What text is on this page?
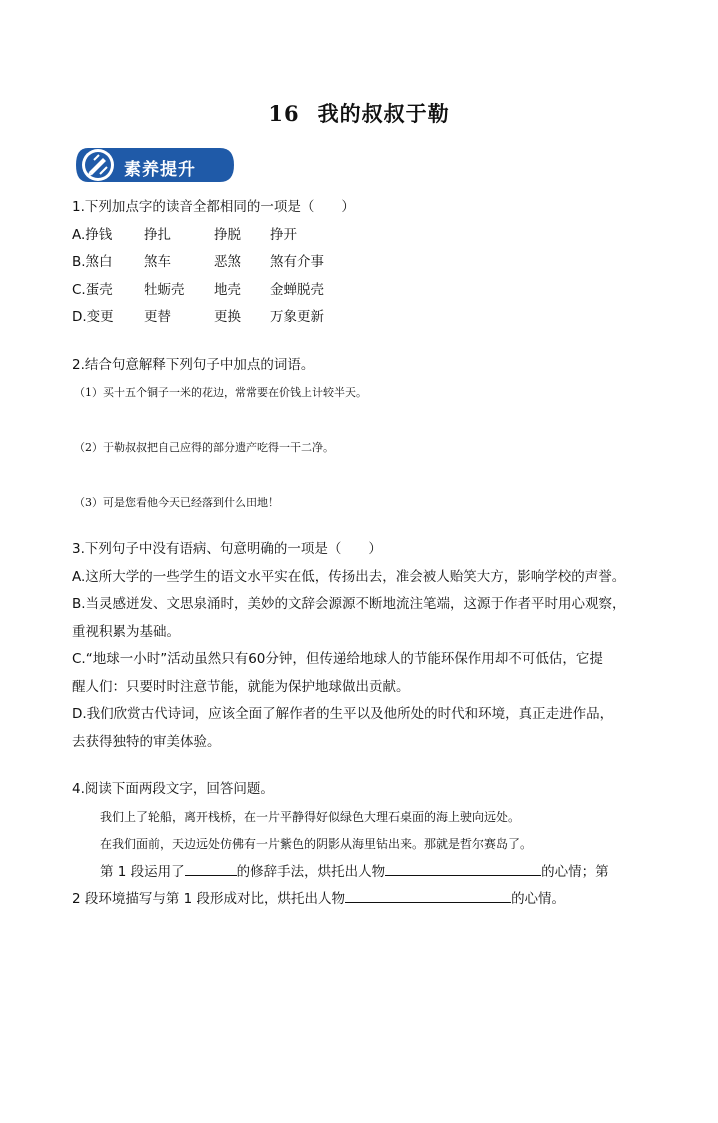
16 我的叔叔于勒
素养提升
1.下列加点字的读音全都相同的一项是（　　）
A.挣钱 挣扎	挣脱 挣开
B.煞白 煞车	恶煞 煞有介事
C.蛋壳 牡蛎壳 地壳 金蝉脱壳
D.变更 更替	更换 万象更新
2.结合句意解释下列句子中加点的词语。
（1）买十五个铜子一米的花边，常常要在价钱上计较半天。
（2）于勒叔叔把自己应得的部分遗产吃得一干二净。
（3）可是您看他今天已经落到什么田地！
3.下列句子中没有语病、句意明确的一项是（　　）
A.这所大学的一些学生的语文水平实在低，传扬出去，准会被人贻笑大方，影响学校的声誉。
B.当灵感迸发、文思泉涌时，美妙的文辞会源源不断地流注笔端，这源于作者平时用心观察，
重视积累为基础。
C.“地球一小时”活动虽然只有60分钟，但传递给地球人的节能环保作用却不可低估，它提
醒人们：只要时时注意节能，就能为保护地球做出贡献。
D.我们欣赏古代诗词，应该全面了解作者的生平以及他所处的时代和环境，真正走进作品，
去获得独特的审美体验。
4.阅读下面两段文字，回答问题。
我们上了轮船，离开栈桥，在一片平静得好似绿色大理石桌面的海上驶向远处。
在我们面前，天边远处仿佛有一片紫色的阴影从海里钻出来。那就是哲尔赛岛了。
第 1 段运用了	的修辞手法，烘托出人物	的心情；第
2 段环境描写与第 1 段形成对比，烘托出人物	的心情。
